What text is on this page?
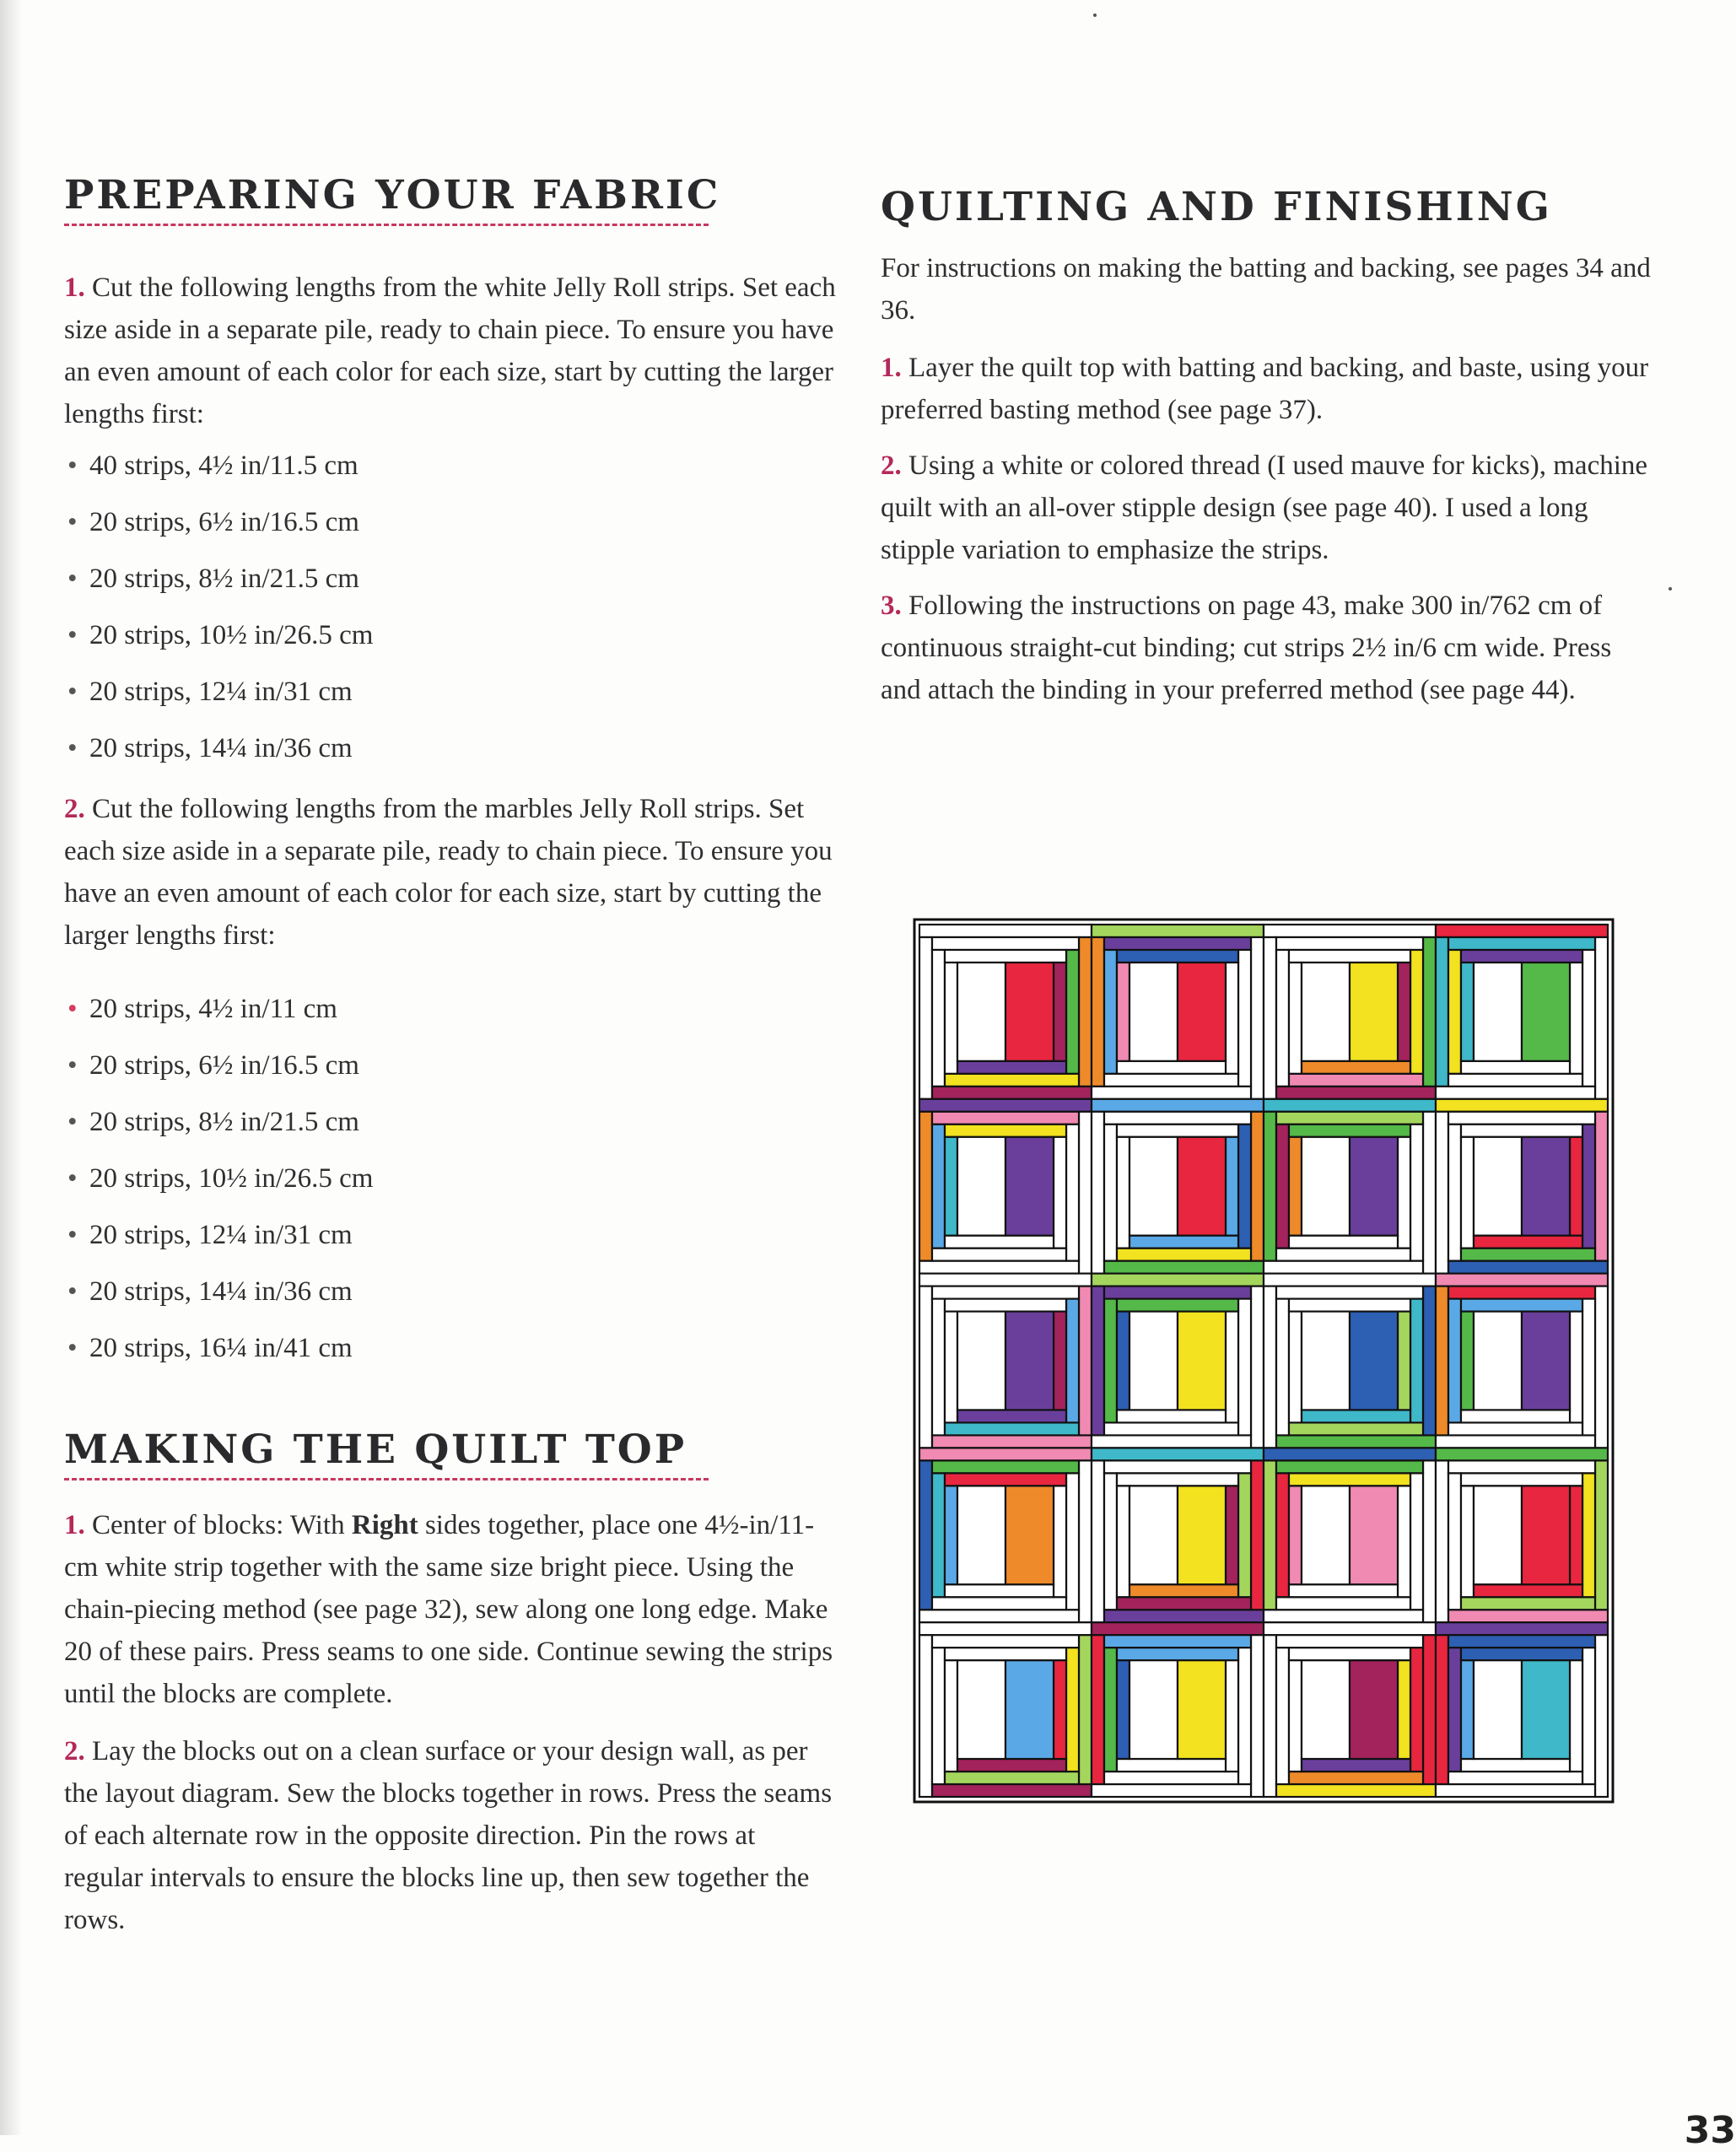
PREPARING YOUR FABRIC

1. Cut the following lengths from the white Jelly Roll strips. Set each size aside in a separate pile, ready to chain piece. To ensure you have an even amount of each color for each size, start by cutting the larger lengths first:

• 40 strips, 4½ in/11.5 cm
• 20 strips, 6½ in/16.5 cm
• 20 strips, 8½ in/21.5 cm
• 20 strips, 10½ in/26.5 cm
• 20 strips, 12¼ in/31 cm
• 20 strips, 14¼ in/36 cm

2. Cut the following lengths from the marbles Jelly Roll strips. Set each size aside in a separate pile, ready to chain piece. To ensure you have an even amount of each color for each size, start by cutting the larger lengths first:

• 20 strips, 4½ in/11 cm
• 20 strips, 6½ in/16.5 cm
• 20 strips, 8½ in/21.5 cm
• 20 strips, 10½ in/26.5 cm
• 20 strips, 12¼ in/31 cm
• 20 strips, 14¼ in/36 cm
• 20 strips, 16¼ in/41 cm
MAKING THE QUILT TOP

1. Center of blocks: With Right sides together, place one 4½-in/11-cm white strip together with the same size bright piece. Using the chain-piecing method (see page 32), sew along one long edge. Make 20 of these pairs. Press seams to one side. Continue sewing the strips until the blocks are complete.

2. Lay the blocks out on a clean surface or your design wall, as per the layout diagram. Sew the blocks together in rows. Press the seams of each alternate row in the opposite direction. Pin the rows at regular intervals to ensure the blocks line up, then sew together the rows.

QUILTING AND FINISHING

For instructions on making the batting and backing, see pages 34 and 36.

1. Layer the quilt top with batting and backing, and baste, using your preferred basting method (see page 37).

2. Using a white or colored thread (I used mauve for kicks), machine quilt with an all-over stipple design (see page 40). I used a long stipple variation to emphasize the strips.

3. Following the instructions on page 43, make 300 in/762 cm of continuous straight-cut binding; cut strips 2½ in/6 cm wide. Press and attach the binding in your preferred method (see page 44).

33
